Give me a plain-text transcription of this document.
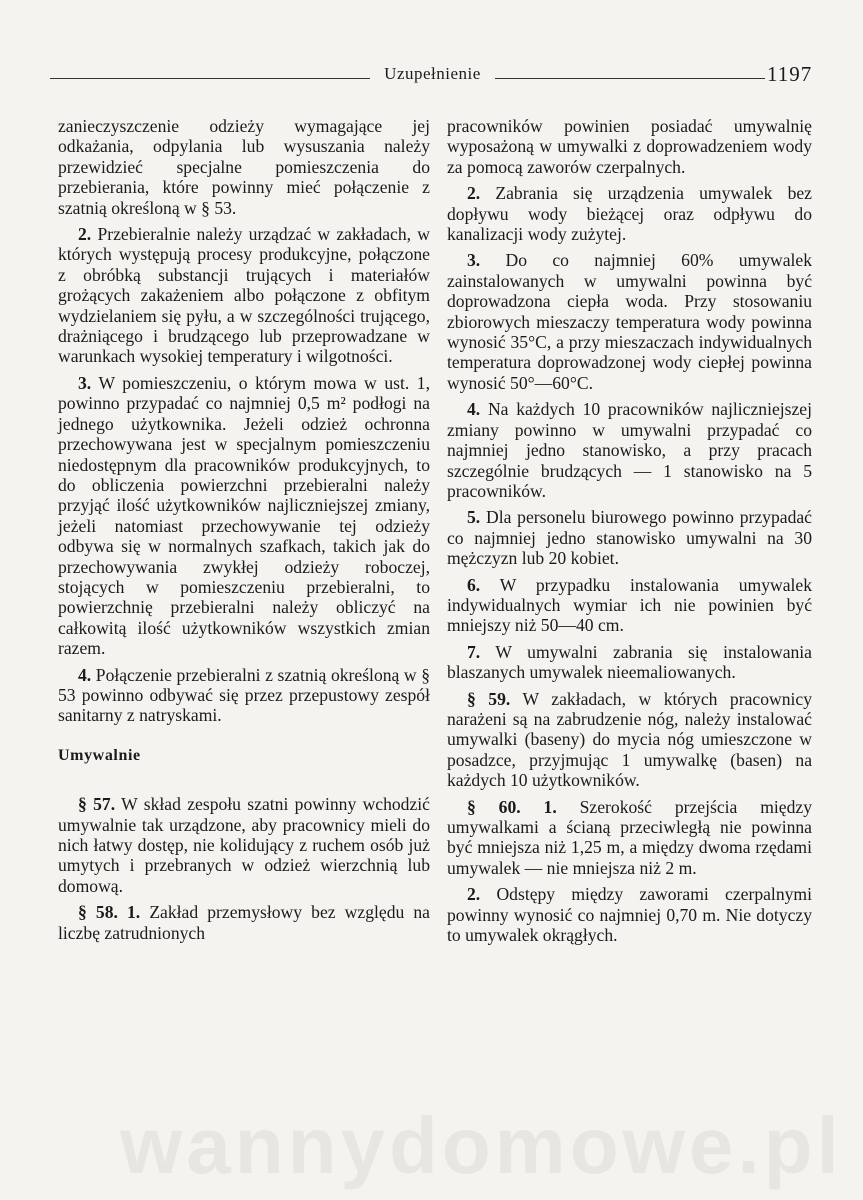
Uzupełnienie	1197

zanieczyszczenie odzieży wymagające jej odkażania, odpylania lub wysuszania należy przewidzieć specjalne pomieszczenia do przebierania, które powinny mieć połączenie z szatnią określoną w § 53.

2. Przebieralnie należy urządzać w zakładach, w których występują procesy produkcyjne, połączone z obróbką substancji trujących i materiałów grożących zakażeniem albo połączone z obfitym wydzielaniem się pyłu, a w szczególności trującego, drażniącego i brudzącego lub przeprowadzane w warunkach wysokiej temperatury i wilgotności.

3. W pomieszczeniu, o którym mowa w ust. 1, powinno przypadać co najmniej 0,5 m² podłogi na jednego użytkownika. Jeżeli odzież ochronna przechowywana jest w specjalnym pomieszczeniu niedostępnym dla pracowników produkcyjnych, to do obliczenia powierzchni przebieralni należy przyjąć ilość użytkowników najliczniejszej zmiany, jeżeli natomiast przechowywanie tej odzieży odbywa się w normalnych szafkach, takich jak do przechowywania zwykłej odzieży roboczej, stojących w pomieszczeniu przebieralni, to powierzchnię przebieralni należy obliczyć na całkowitą ilość użytkowników wszystkich zmian razem.

4. Połączenie przebieralni z szatnią określoną w § 53 powinno odbywać się przez przepustowy zespół sanitarny z natryskami.

Umywalnie

§ 57. W skład zespołu szatni powinny wchodzić umywalnie tak urządzone, aby pracownicy mieli do nich łatwy dostęp, nie kolidujący z ruchem osób już umytych i przebranych w odzież wierzchnią lub domową.

§ 58. 1. Zakład przemysłowy bez względu na liczbę zatrudnionych

pracowników powinien posiadać umywalnię wyposażoną w umywalki z doprowadzeniem wody za pomocą zaworów czerpalnych.

2. Zabrania się urządzenia umywalek bez dopływu wody bieżącej oraz odpływu do kanalizacji wody zużytej.

3. Do co najmniej 60% umywalek zainstalowanych w umywalni powinna być doprowadzona ciepła woda. Przy stosowaniu zbiorowych mieszaczy temperatura wody powinna wynosić 35°C, a przy mieszaczach indywidualnych temperatura doprowadzonej wody ciepłej powinna wynosić 50°—60°C.

4. Na każdych 10 pracowników najliczniejszej zmiany powinno w umywalni przypadać co najmniej jedno stanowisko, a przy pracach szczególnie brudzących — 1 stanowisko na 5 pracowników.

5. Dla personelu biurowego powinno przypadać co najmniej jedno stanowisko umywalni na 30 mężczyzn lub 20 kobiet.

6. W przypadku instalowania umywalek indywidualnych wymiar ich nie powinien być mniejszy niż 50—40 cm.

7. W umywalni zabrania się instalowania blaszanych umywalek nieemaliowanych.

§ 59. W zakładach, w których pracownicy narażeni są na zabrudzenie nóg, należy instalować umywalki (baseny) do mycia nóg umieszczone w posadzce, przyjmując 1 umywalkę (basen) na każdych 10 użytkowników.

§ 60. 1. Szerokość przejścia między umywalkami a ścianą przeciwległą nie powinna być mniejsza niż 1,25 m, a między dwoma rzędami umywalek — nie mniejsza niż 2 m.

2. Odstępy między zaworami czerpalnymi powinny wynosić co najmniej 0,70 m. Nie dotyczy to umywalek okrągłych.

wannydomowe.pl
